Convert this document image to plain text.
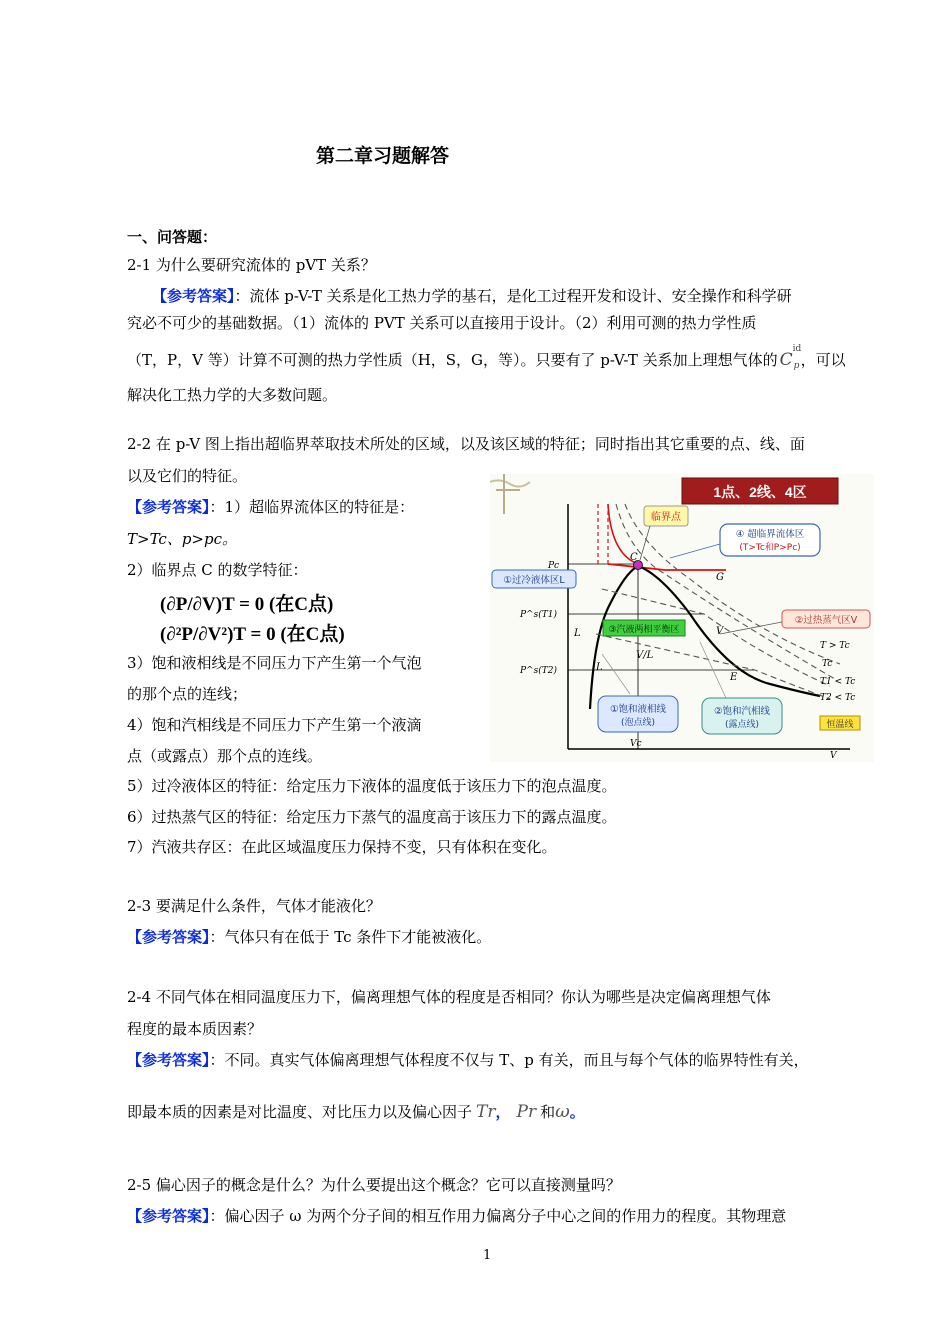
第二章习题解答
一、问答题：
2-1 为什么要研究流体的 pVT 关系？
【参考答案】：流体 p-V-T 关系是化工热力学的基石，是化工过程开发和设计、安全操作和科学研
究必不可少的基础数据。（1）流体的 PVT 关系可以直接用于设计。（2）利用可测的热力学性质
（T，P，V 等）计算不可测的热力学性质（H，S，G，等）。只要有了 p-V-T 关系加上理想气体的 C
id
p ，可以
解决化工热力学的大多数问题。
2-2 在 p-V 图上指出超临界萃取技术所处的区域，以及该区域的特征；同时指出其它重要的点、线、面
以及它们的特征。
【参考答案】：1）超临界流体区的特征是：
T>Tc、p>pc。
2）临界点 C 的数学特征：
(∂P/∂V)T = 0 (在C点)
(∂²P/∂V²)T = 0 (在C点)
3）饱和液相线是不同压力下产生第一个气泡
的那个点的连线；
4）饱和汽相线是不同压力下产生第一个液滴
点（或露点）那个点的连线。
5）过冷液体区的特征：给定压力下液体的温度低于该压力下的泡点温度。
6）过热蒸气区的特征：给定压力下蒸气的温度高于该压力下的露点温度。
7）汽液共存区：在此区域温度压力保持不变，只有体积在变化。
1点、2线、4区
临界点
④ 超临界流体区
(T>Tc和P>Pc)
①过冷液体区L
③汽液两相平衡区
②过热蒸气区V
①饱和液相线
(泡点线)
②饱和汽相线
(露点线)	恒温线
C
G
L
L
V
E
V/L
Pc
P^s(T1)
P^s(T2)
Vc
V
T > Tc
Tc
T1 < Tc
T2 < Tc
2-3 要满足什么条件，气体才能液化？
【参考答案】：气体只有在低于 Tc 条件下才能被液化。
2-4 不同气体在相同温度压力下，偏离理想气体的程度是否相同？你认为哪些是决定偏离理想气体
程度的最本质因素？
【参考答案】：不同。真实气体偏离理想气体程度不仅与 T、p 有关，而且与每个气体的临界特性有关，
即最本质的因素是对比温度、对比压力以及偏心因子 Tr， Pr 和ω。
2-5 偏心因子的概念是什么？为什么要提出这个概念？它可以直接测量吗？
【参考答案】：偏心因子 ω 为两个分子间的相互作用力偏离分子中心之间的作用力的程度。其物理意
1
